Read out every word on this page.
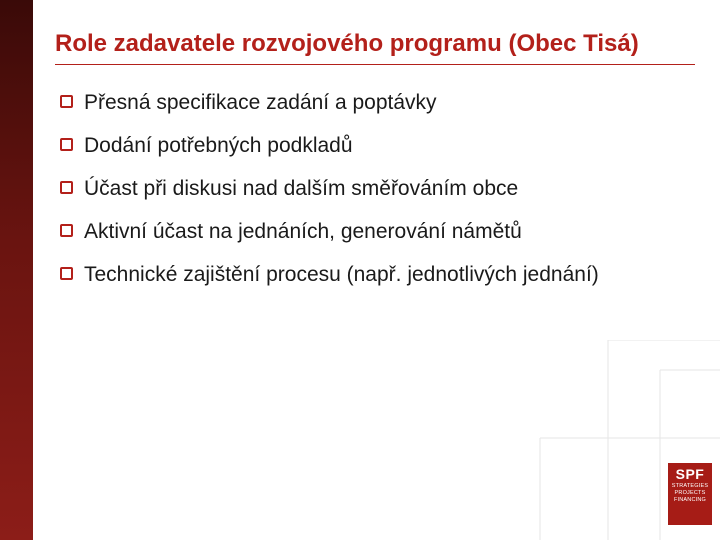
Role zadavatele rozvojového programu (Obec Tisá)
Přesná specifikace zadání a poptávky
Dodání potřebných podkladů
Účast při diskusi nad dalším směřováním obce
Aktivní účast na jednáních, generování námětů
Technické zajištění procesu (např. jednotlivých jednání)
SPF
STRATEGIES
PROJECTS
FINANCING
